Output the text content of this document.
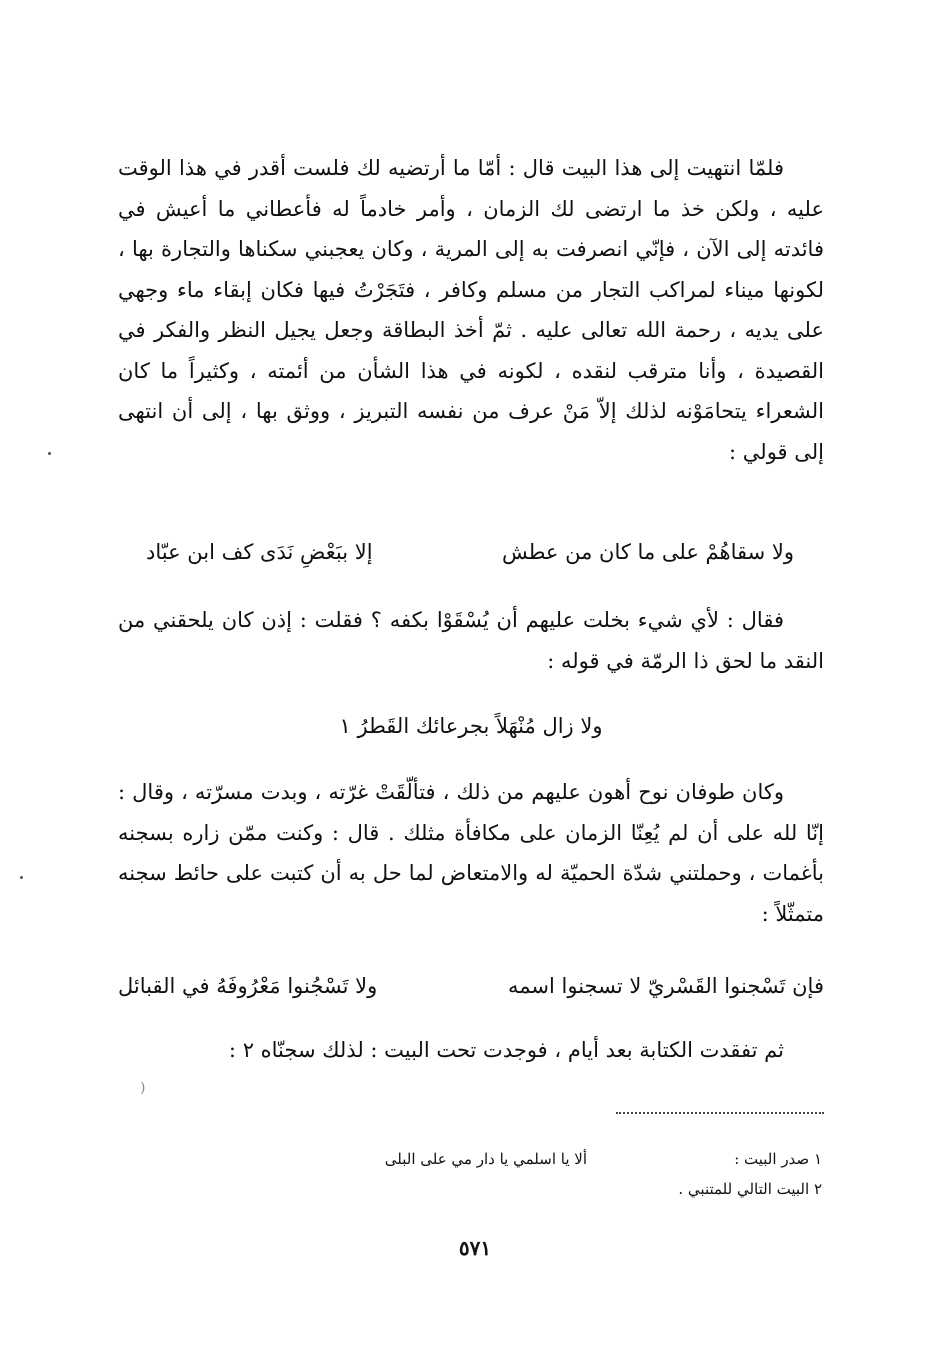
فلمّا انتهيت إلى هذا البيت قال : أمّا ما أرتضيه لك فلست أقدر في هذا الوقت عليه ، ولكن خذ ما ارتضى لك الزمان ، وأمر خادماً له فأعطاني ما أعيش في فائدته إلى الآن ، فإنّي انصرفت به إلى المرية ، وكان يعجبني سكناها والتجارة بها ، لكونها ميناء لمراكب التجار من مسلم وكافر ، فتَجَرْتُ فيها فكان إبقاء ماء وجهي على يديه ، رحمة الله تعالى عليه . ثمّ أخذ البطاقة وجعل يجيل النظر والفكر في القصيدة ، وأنا مترقب لنقده ، لكونه في هذا الشأن من أئمته ، وكثيراً ما كان الشعراء يتحامَوْنه لذلك إلاّ مَنْ عرف من نفسه التبريز ، ووثق بها ، إلى أن انتهى إلى قولي :

ولا سقاهُمْ على ما كان من عطش
إلا ببَعْضِ نَدَى كف ابن عبّاد

فقال : لأي شيء بخلت عليهم أن يُسْقَوْا بكفه ؟ فقلت : إذن كان يلحقني من النقد ما لحق ذا الرمّة في قوله :

ولا زال مُنْهَلاً بجرعائك القَطرُ ١

وكان طوفان نوح أهون عليهم من ذلك ، فتألّقَتْ غرّته ، وبدت مسرّته ، وقال : إنّا لله على أن لم يُعِنّا الزمان على مكافأة مثلك . قال : وكنت ممّن زاره بسجنه بأغمات ، وحملتني شدّة الحميّة له والامتعاض لما حل به أن كتبت على حائط سجنه متمثّلاً :

فإن تَسْجنوا القَسْريّ لا تسجنوا اسمه
ولا تَسْجُنوا مَعْرُوفَهُ في القبائل

ثم تفقدت الكتابة بعد أيام ، فوجدت تحت البيت : لذلك سجنّاه ٢ :

(
١ صدر البيت :
ألا يا اسلمي يا دار مي على البلى
٢ البيت التالي للمتنبي .
٥٧١
